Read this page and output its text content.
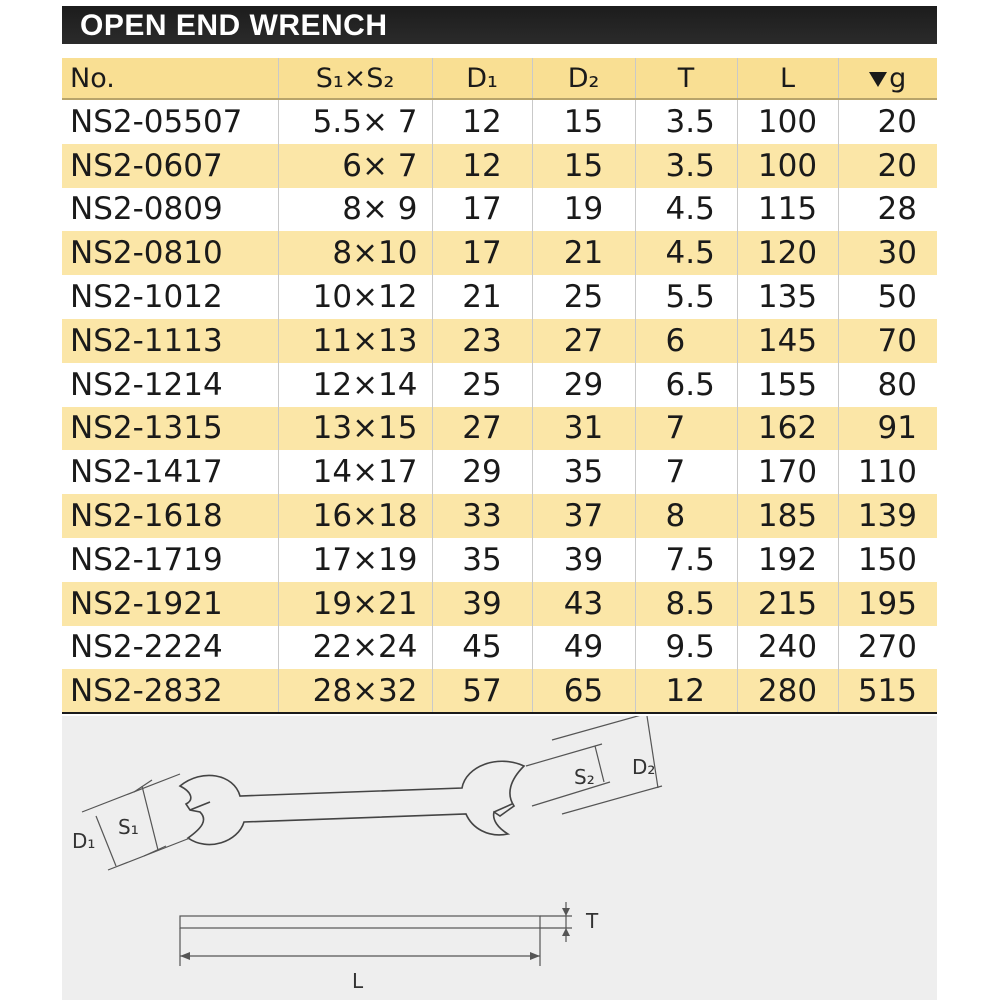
OPEN END WRENCH
No.	S₁×S₂	D₁	D₂	T	L	g
NS2-05507	5.5× 7	12	15	3.5	100	20
NS2-0607	6× 7	12	15	3.5	100	20
NS2-0809	8× 9	17	19	4.5	115	28
NS2-0810	8×10	17	21	4.5	120	30
NS2-1012	10×12	21	25	5.5	135	50
NS2-1113	11×13	23	27	6	145	70
NS2-1214	12×14	25	29	6.5	155	80
NS2-1315	13×15	27	31	7	162	91
NS2-1417	14×17	29	35	7	170	110
NS2-1618	16×18	33	37	8	185	139
NS2-1719	17×19	35	39	7.5	192	150
NS2-1921	19×21	39	43	8.5	215	195
NS2-2224	22×24	45	49	9.5	240	270
NS2-2832	28×32	57	65	12	280	515
D₁
S₁
S₂ D₂
T
L
